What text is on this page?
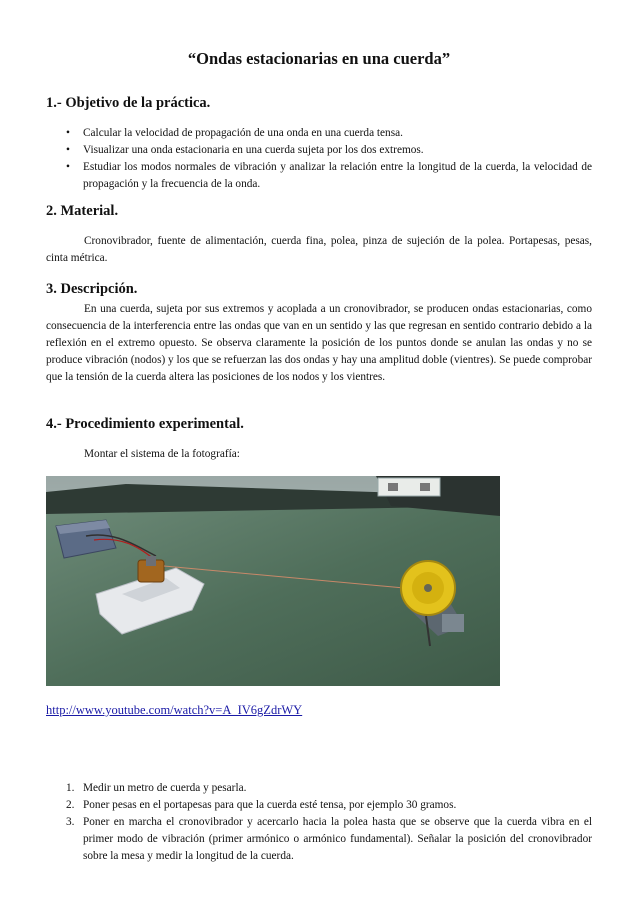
“Ondas estacionarias en una cuerda”
1.- Objetivo de la práctica.
• Calcular la velocidad de propagación de una onda en una cuerda tensa.
• Visualizar una onda estacionaria en una cuerda sujeta por los dos extremos.
• Estudiar los modos normales de vibración y analizar la relación entre la longitud de la cuerda, la velocidad de propagación y la frecuencia de la onda.
2. Material.
Cronovibrador, fuente de alimentación, cuerda fina, polea, pinza de sujeción de la polea. Portapesas, pesas, cinta métrica.
3. Descripción.
En una cuerda, sujeta por sus extremos y acoplada a un cronovibrador, se producen ondas estacionarias, como consecuencia de la interferencia entre las ondas que van en un sentido y las que regresan en sentido contrario debido a la reflexión en el extremo opuesto. Se observa claramente la posición de los puntos donde se anulan las ondas y no se produce vibración (nodos) y los que se refuerzan las dos ondas y hay una amplitud doble (vientres). Se puede comprobar que la tensión de la cuerda altera las posiciones de los nodos y los vientres.
4.- Procedimiento experimental.
Montar el sistema de la fotografía:
http://www.youtube.com/watch?v=A_IV6gZdrWY
1. Medir un metro de cuerda y pesarla.
2. Poner pesas en el portapesas para que la cuerda esté tensa, por ejemplo 30 gramos.
3. Poner en marcha el cronovibrador y acercarlo hacia la polea hasta que se observe que la cuerda vibra en el primer modo de vibración (primer armónico o armónico fundamental). Señalar la posición del cronovibrador sobre la mesa y medir la longitud de la cuerda.
